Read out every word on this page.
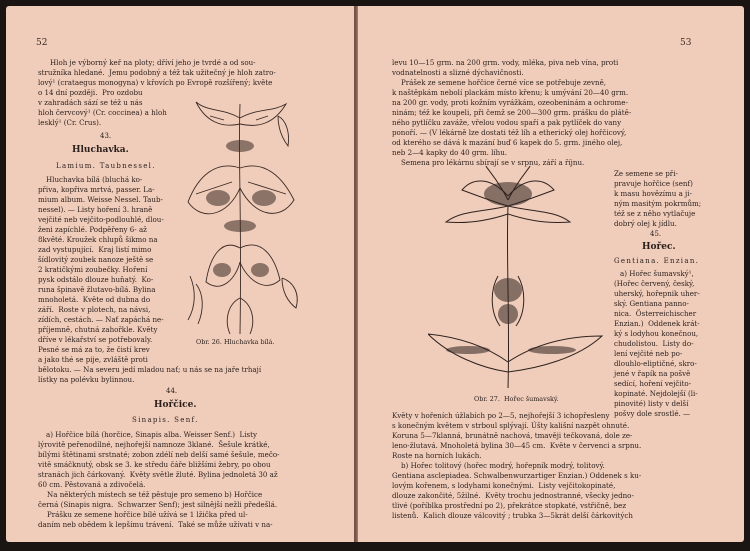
52
Hloh je výborný keř na ploty; dříví jeho je tvrdé a od sou-
stružníka hledané.  Jemu podobný a též tak užitečný je hloh zatro-
lový¹ (crataegus monogyna) v křovích po Evropě rozšířený; květe
o 14 dní později.  Pro ozdobu
v zahradách sází se též u nás
hloh červcový¹ (Cr. coccinea) a hloh
lesklý¹ (Cr. Crus).
43.
Hluchavka.
Lamium. Taubnessel.
Hluchavka bílá (bluchá ko-
přiva, kopřiva mrtvá, passer. La-
mium album. Weisse Nessel. Taub-
nessel). — Listy hoření 3. hraně
vejčité neb vejčito-podlouhlé, dlou-
ženi zapíchlé. Podpěřeny 6- až
8květé. Kroužek chlupů šikmo na
zad vystupující.  Kraj listí mimo
šídlovitý zoubek nanoze ještě se
2 kratičkými zoubečky. Hoření
pysk odstálo dlouze huňatý.  Ko-
runa špinavě žlutavo-bílá. Bylina
mnoholetá.  Květe od dubna do
září.  Roste v plotech, na návsi,
zídích, cestách. — Nať zapáchá ne-
příjemně, chutná zahořkle. Květy
dříve v lékařství se potřebovaly.
Pesné se má za to, že čistí krev
a jako thé se pije, zvláště proti
bělotoku. — Na severu jedí mladou nať; u nás se na jaře trhají
lístky na polévku bylinnou.
Obr. 26. Hluchavka bílá.
44.
Hořčice.
Sinapis. Senf.
a) Hořčice bílá (horčice, Sinapis alba. Weisser Senf.)  Listy
lýrovitě peřenodílné, nejhořejší namnoze 3klané.  Šešule krátké,
bílými štětinami srstnaté; zobon zdélí neb delší samé šešule, mečo-
vitě smáčknutý, obsk se 3. ke středu čáře bližšími žebry, po obou
stranách jich čárkovaný.  Květy světle žluté. Bylina jednoletá 30 až
60 cm. Pěstovaná a zdivočelá.
Na některých místech se též pěstuje pro semeno b) Hořčice
černá (Sinapis nigra.  Schwarzer Senf); jest silnější nežli předešlá.
Prášku ze semene hořčice bílé užívá se 1 lžička před ul-
daním neb obědem k lepšímu trávení.  Také se může užívati v na-
53
levu 10—15 grm. na 200 grm. vody, mléka, piva neb vína, proti
vodnatelnosti a slizné dýchavičnosti.
Prášek ze semene hořčice černé více se potřebuje zevně,
k naštěpkám nebolí plackám místo křenu; k umývání 20—40 grm.
na 200 gr. vody, proti kožním vyrážkám, ozeobeninám a ochrome-
ninám; též ke koupeli, při čemž se 200—300 grm. prášku do plátě-
ného pytlíčku zaváže, vřelou vodou spaří a pak pytlíček do vany
ponoří. — (V lékárně lze dostati též líh a etherický olej hořčicový,
od kterého se dává k mazání buď 6 kapek do 5. grm. jiného olej,
neb 2—4 kapky do 40 grm. líhu.
Semena pro lékárnu sbírají se v srpnu, září a říjnu.
Ze semene se při-
pravuje hořčice (senf)
k masu hovězímu a ji-
ným masitým pokrmům;
též se z něho vytlačuje
dobrý olej k jídlu.
45.
Hořec.
Gentiana. Enzian.
a) Hořec šumavský¹,
(Hořec červený, český,
uherský, hořepnik uher-
ský. Gentiana panno-
nica.  Österreichischer
Enzian.)  Oddenek krát-
ký s lodyhou konečnou,
chudolistou.  Listy do-
lení vejčité neb po-
dlouhlo-eliptičné, skro-
jené v řapík na pošvě
sedící, hoření vejčito-
kopinaté. Nejdolejší (li-
pinovité) listy v delší
pošvy dole srostlé. —
Obr. 27.  Hořec šumavský.
Květy v hořeních úžlabích po 2—5, nejhořejší 3 ichopřesleny
s konečným květem v strboul splývají. Úšty kališní nazpět ohnuté.
Koruna 5—7klanná, brunátně nachová, tmavěji tečkovaná, dole ze-
leno-žlutavá. Mnoholetá bylina 30—45 cm.  Květe v červenci a srpnu.
Roste na horních lukách.
b) Hořec tolitový (hořec modrý, hořepník modrý, tolitový.
Gentiana asclepiadea. Schwalbenwurzartiger Enzian.) Oddenek s ku-
lovým kořenem, s lodyhami konečnými.  Listy vejčitokopinaté,
dlouze zakončité, 5žilné.  Květy trochu jednostranné, všecky jedno-
tlivé (poříblka prostřední po 2), překrátce stopkaté, vstřičně, bez
listenů.  Kalich dlouze válcovitý ; trubka 3—5krát delší čárkovitých
